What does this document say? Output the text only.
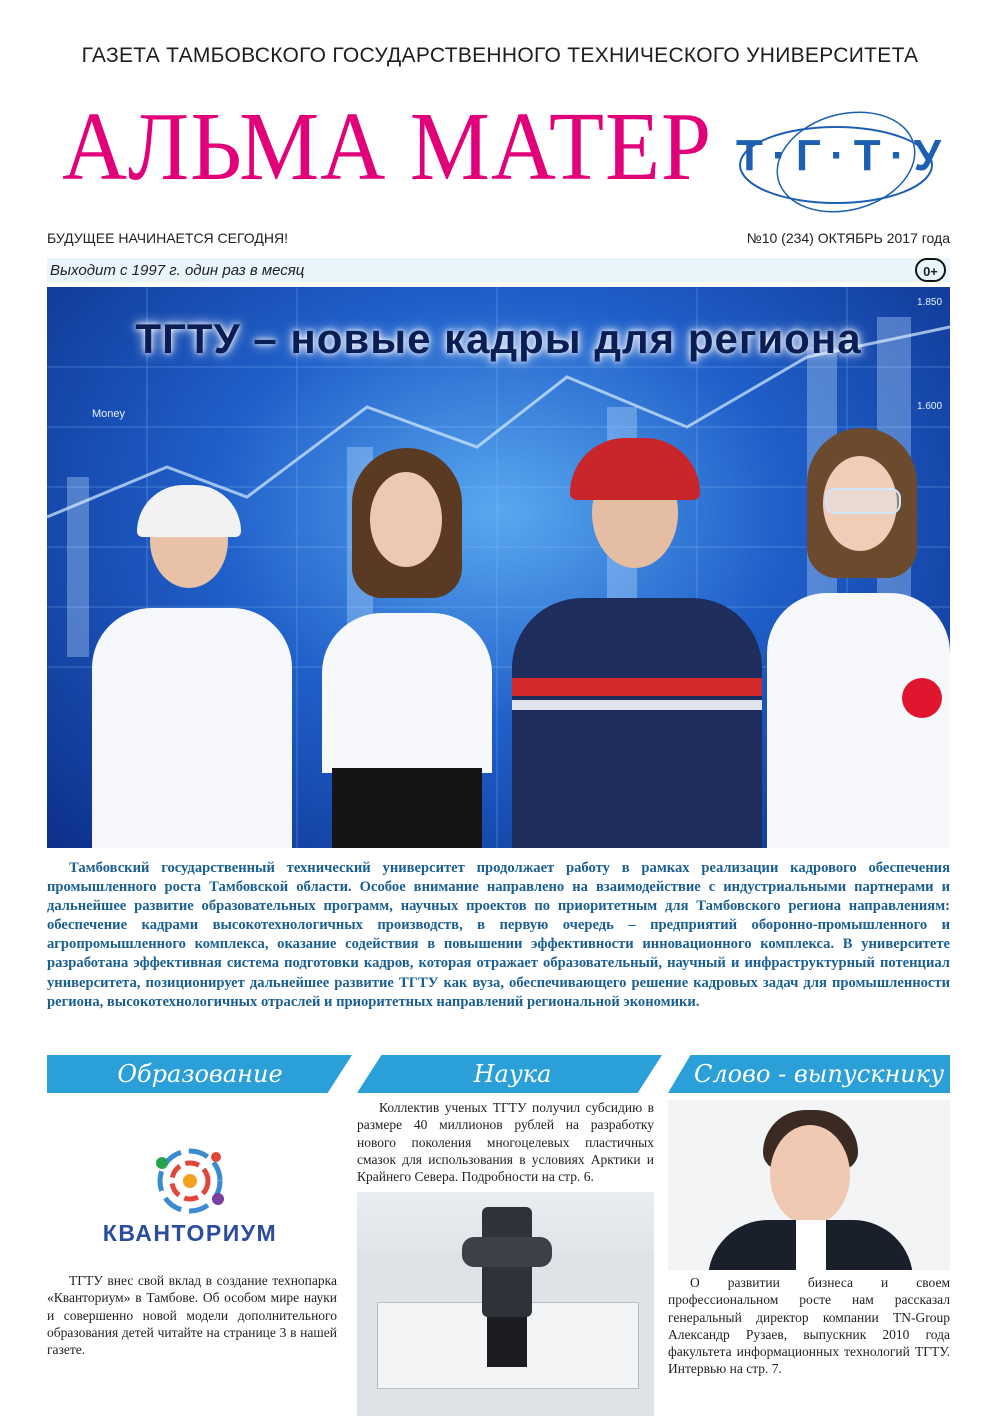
ГАЗЕТА ТАМБОВСКОГО ГОСУДАРСТВЕННОГО ТЕХНИЧЕСКОГО УНИВЕРСИТЕТА
АЛЬМА МАТЕР Т·Г·Т·У
БУДУЩЕЕ НАЧИНАЕТСЯ СЕГОДНЯ!	№10 (234) ОКТЯБРЬ 2017 года
Выходит с 1997 г. один раз в месяц	0+
Money
1.850
1.600
ТГТУ – новые кадры для региона
Тамбовский государственный технический университет продолжает работу в рамках реализации кадрового обеспечения промышленного роста Тамбовской области. Особое внимание направлено на взаимодействие с индустриальными партнерами и дальнейшее развитие образовательных программ, научных проектов по приоритетным для Тамбовского региона направлениям: обеспечение кадрами высокотехнологичных производств, в первую очередь – предприятий оборонно-промышленного и агропромышленного комплекса, оказание содействия в повышении эффективности инновационного комплекса. В университете разработана эффективная система подготовки кадров, которая отражает образовательный, научный и инфраструктурный потенциал университета, позиционирует дальнейшее развитие ТГТУ как вуза, обеспечивающего решение кадровых задач для промышленности региона, высокотехнологичных отраслей и приоритетных направлений региональной экономики.
Образование	Наука	Слово - выпускнику
КВАНТОРИУМ
ТГТУ внес свой вклад в создание технопарка «Кванториум» в Тамбове. Об особом мире науки и совершенно новой модели дополнительного образования детей читайте на странице 3 в нашей газете.
Коллектив ученых ТГТУ получил субсидию в размере 40 миллионов рублей на разработку нового поколения многоцелевых пластичных смазок для использования в условиях Арктики и Крайнего Севера. Подробности на стр. 6.
О развитии бизнеса и своем профессиональном росте нам рассказал генеральный директор компании TN-Group Александр Рузаев, выпускник 2010 года факультета информационных технологий ТГТУ. Интервью на стр. 7.
